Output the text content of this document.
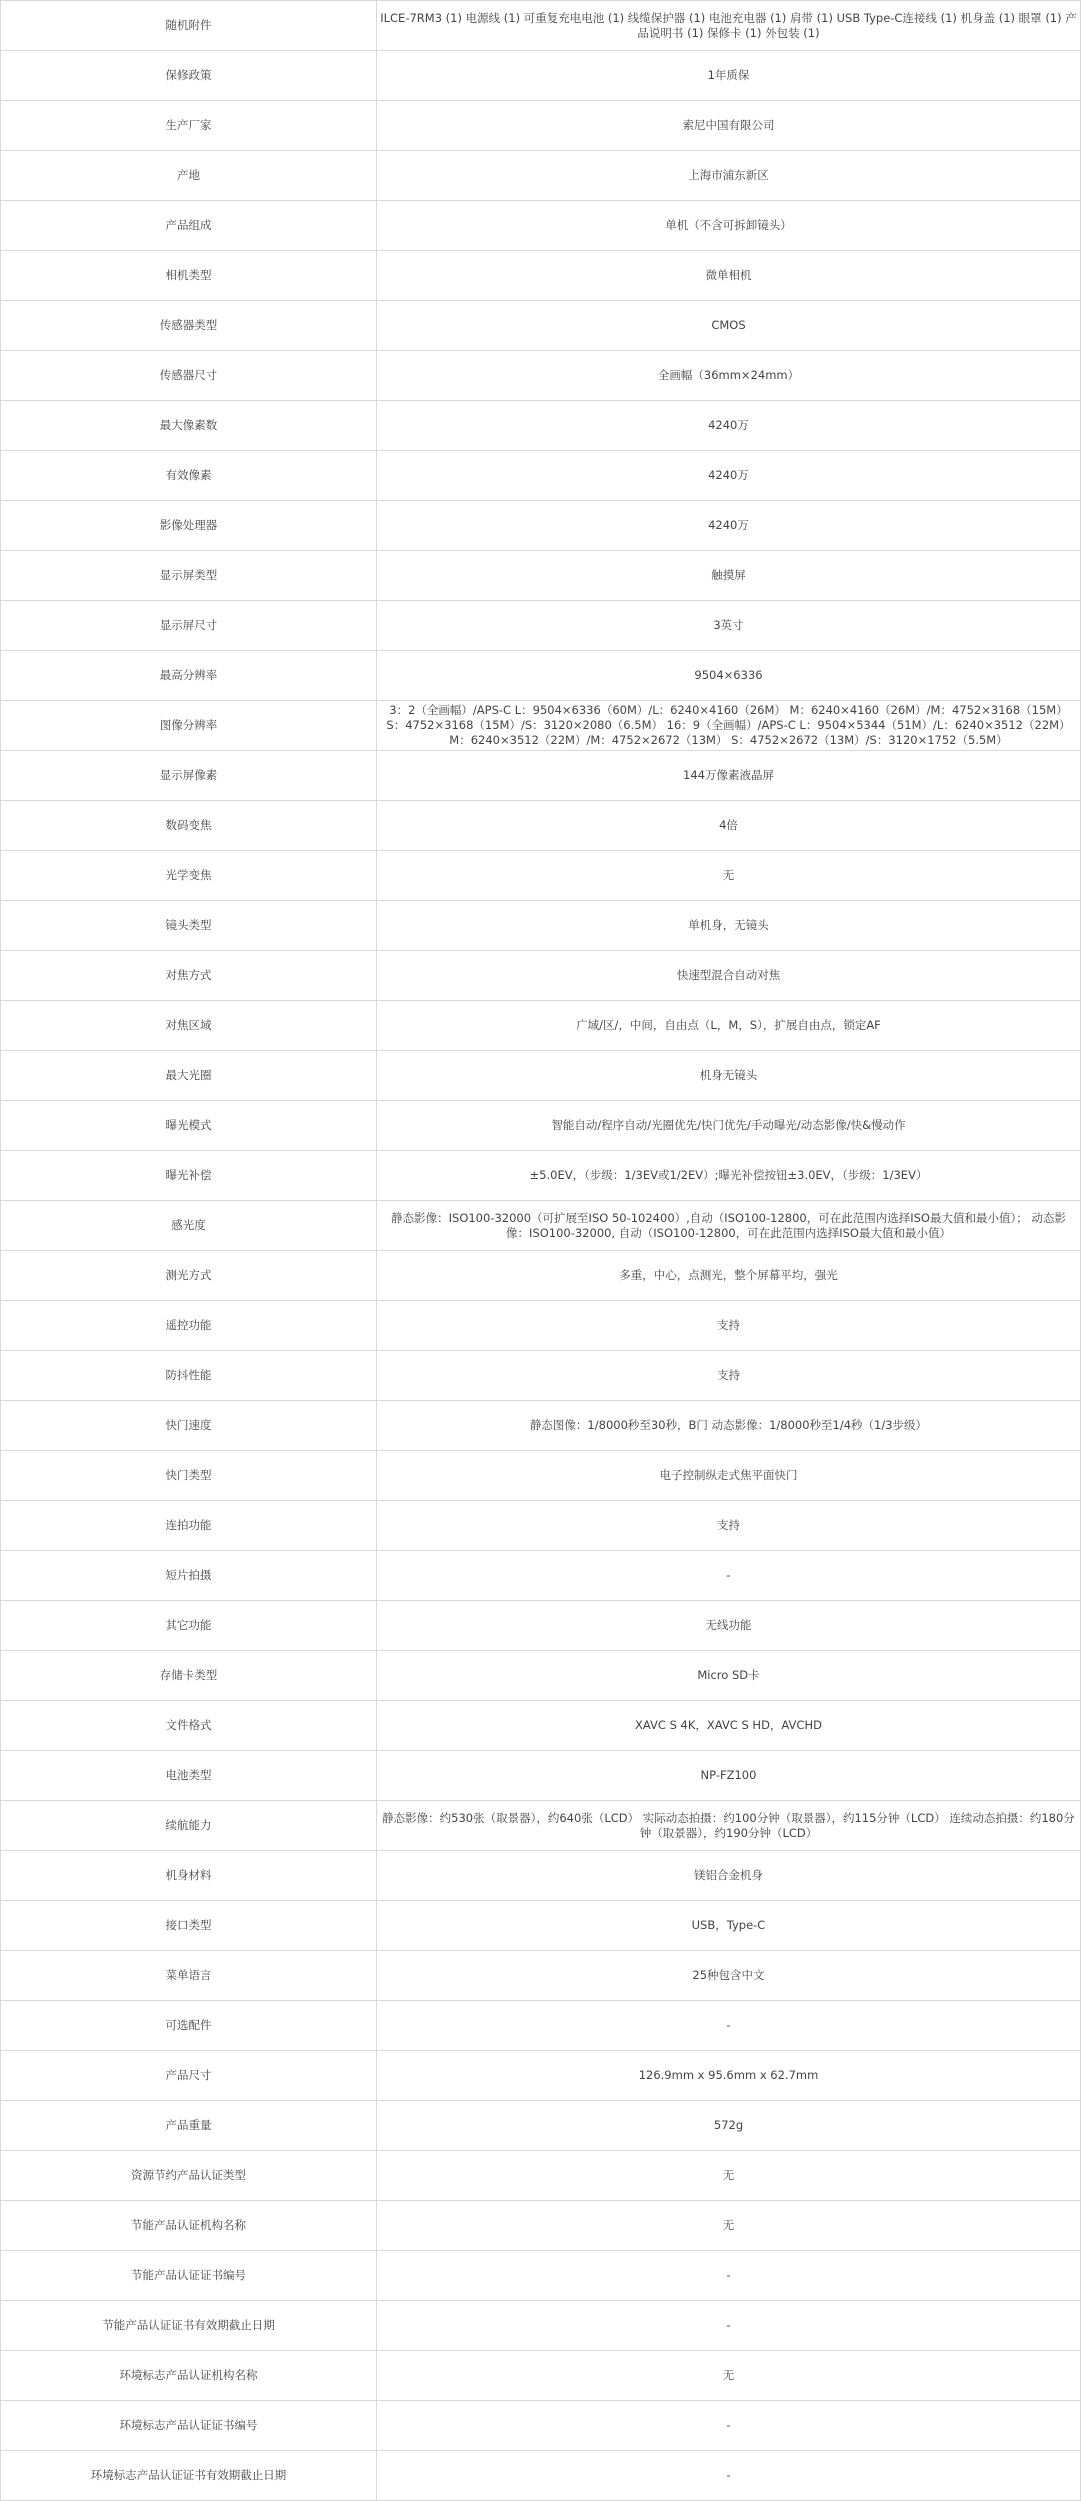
随机附件	ILCE-7RM3 (1) 电源线 (1) 可重复充电电池 (1) 线缆保护器 (1) 电池充电器 (1) 肩带 (1) USB Type-C连接线 (1) 机身盖 (1) 眼罩 (1) 产品说明书 (1) 保修卡 (1) 外包装 (1)
保修政策	1年质保
生产厂家	索尼中国有限公司
产地	上海市浦东新区
产品组成	单机（不含可拆卸镜头）
相机类型	微单相机
传感器类型	CMOS
传感器尺寸	全画幅（36mm×24mm）
最大像素数	4240万
有效像素	4240万
影像处理器	4240万
显示屏类型	触摸屏
显示屏尺寸	3英寸
最高分辨率	9504×6336
图像分辨率	3：2（全画幅）/APS-C L：9504×6336（60M）/L：6240×4160（26M） M：6240×4160（26M）/M：4752×3168（15M） S：4752×3168（15M）/S：3120×2080（6.5M） 16：9（全画幅）/APS-C L：9504×5344（51M）/L：6240×3512（22M） M：6240×3512（22M）/M：4752×2672（13M） S：4752×2672（13M）/S：3120×1752（5.5M）
显示屏像素	144万像素液晶屏
数码变焦	4倍
光学变焦	无
镜头类型	单机身，无镜头
对焦方式	快速型混合自动对焦
对焦区域	广域/区/，中间，自由点（L，M，S），扩展自由点，锁定AF
最大光圈	机身无镜头
曝光模式	智能自动/程序自动/光圈优先/快门优先/手动曝光/动态影像/快&慢动作
曝光补偿	±5.0EV，（步级：1/3EV或1/2EV）;曝光补偿按钮±3.0EV，（步级：1/3EV）
感光度	静态影像：ISO100-32000（可扩展至ISO 50-102400）,自动（ISO100-12800，可在此范围内选择ISO最大值和最小值）； 动态影像：ISO100-32000, 自动（ISO100-12800，可在此范围内选择ISO最大值和最小值）
测光方式	多重，中心，点测光，整个屏幕平均，强光
遥控功能	支持
防抖性能	支持
快门速度	静态图像：1/8000秒至30秒，B门 动态影像：1/8000秒至1/4秒（1/3步级）
快门类型	电子控制纵走式焦平面快门
连拍功能	支持
短片拍摄	-
其它功能	无线功能
存储卡类型	Micro SD卡
文件格式	XAVC S 4K，XAVC S HD，AVCHD
电池类型	NP-FZ100
续航能力	静态影像：约530张（取景器），约640张（LCD） 实际动态拍摄：约100分钟（取景器），约115分钟（LCD） 连续动态拍摄：约180分钟（取景器），约190分钟（LCD）
机身材料	镁铝合金机身
接口类型	USB，Type-C
菜单语言	25种包含中文
可选配件	-
产品尺寸	126.9mm x 95.6mm x 62.7mm
产品重量	572g
资源节约产品认证类型	无
节能产品认证机构名称	无
节能产品认证证书编号	-
节能产品认证证书有效期截止日期	-
环境标志产品认证机构名称	无
环境标志产品认证证书编号	-
环境标志产品认证证书有效期截止日期	-
